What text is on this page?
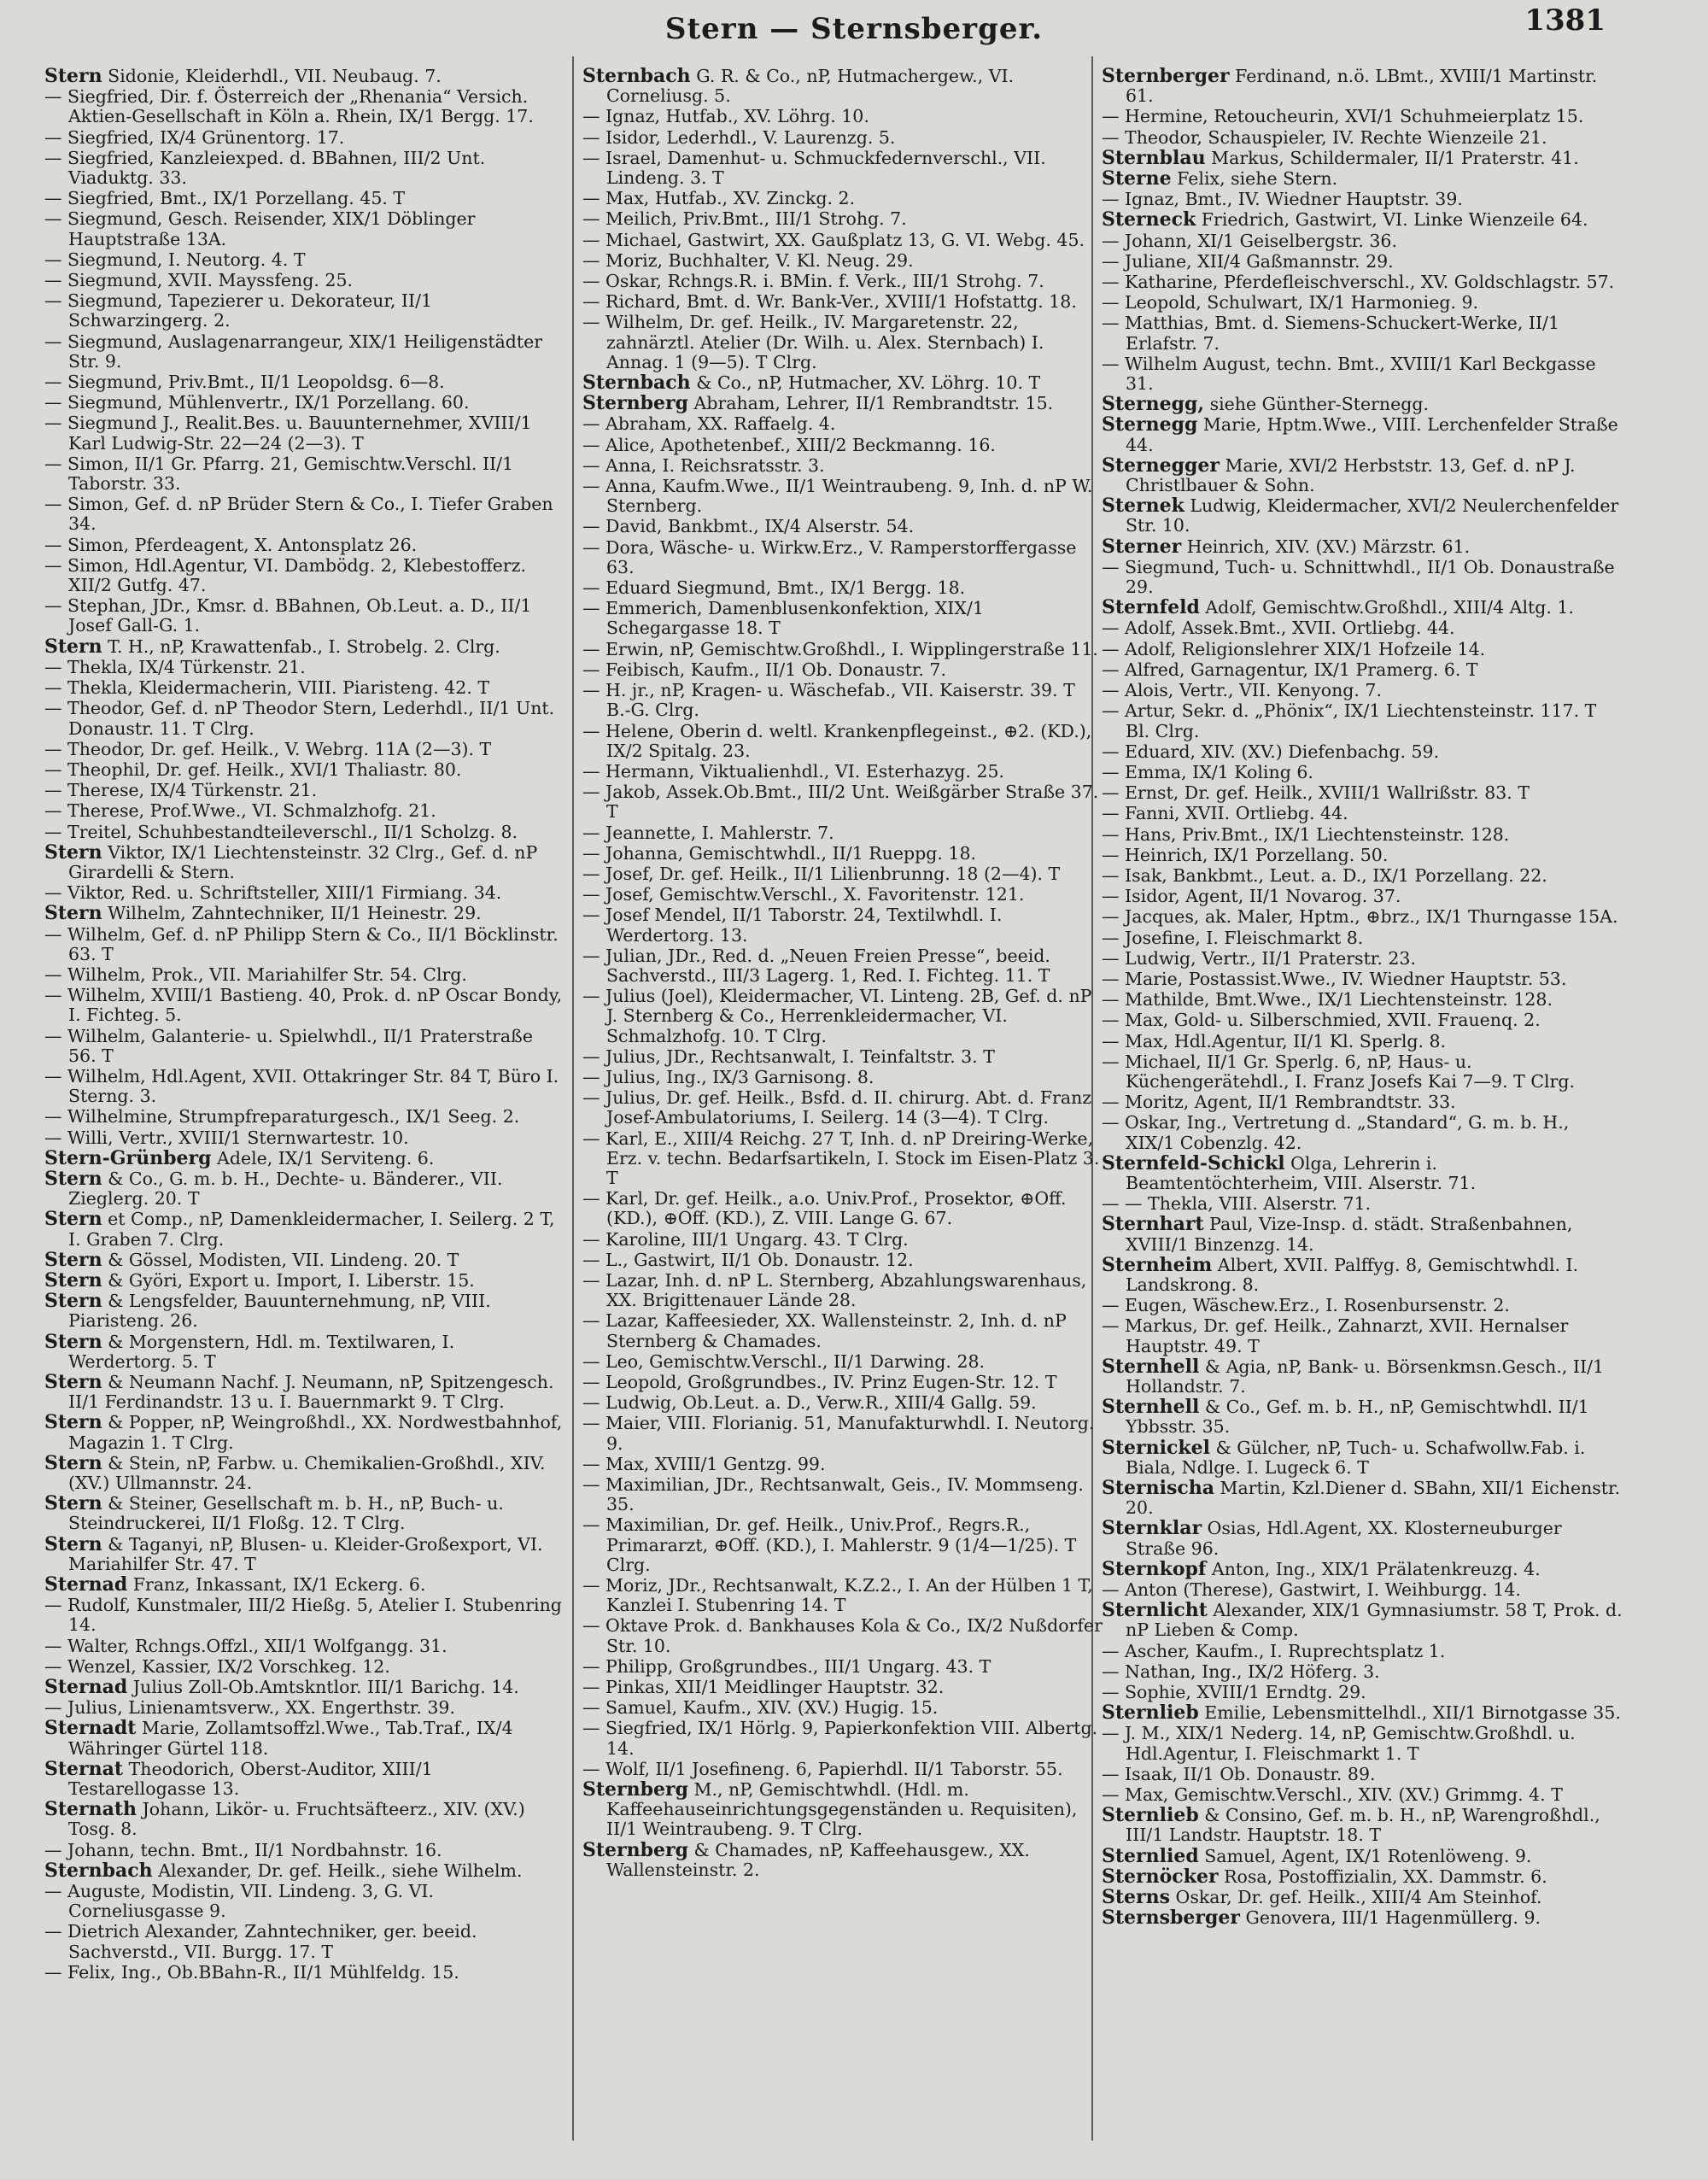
Stern — Sternsberger.	1381
Stern Sidonie, Kleiderhdl., VII. Neubaug. 7.
— Siegfried, Dir. f. Österreich der „Rhenania“ Versich. Aktien-Gesellschaft in Köln a. Rhein, IX/1 Bergg. 17.
— Siegfried, IX/4 Grünentorg. 17.
— Siegfried, Kanzleiexped. d. BBahnen, III/2 Unt. Viaduktg. 33.
— Siegfried, Bmt., IX/1 Porzellang. 45. T
— Siegmund, Gesch. Reisender, XIX/1 Döblinger Hauptstraße 13A.
— Siegmund, I. Neutorg. 4. T
— Siegmund, XVII. Mayssfeng. 25.
— Siegmund, Tapezierer u. Dekorateur, II/1 Schwarzingerg. 2.
— Siegmund, Auslagenarrangeur, XIX/1 Heiligenstädter Str. 9.
— Siegmund, Priv.Bmt., II/1 Leopoldsg. 6—8.
— Siegmund, Mühlenvertr., IX/1 Porzellang. 60.
— Siegmund J., Realit.Bes. u. Bauunternehmer, XVIII/1 Karl Ludwig-Str. 22—24 (2—3). T
— Simon, II/1 Gr. Pfarrg. 21, Gemischtw.Verschl. II/1 Taborstr. 33.
— Simon, Gef. d. nP Brüder Stern & Co., I. Tiefer Graben 34.
— Simon, Pferdeagent, X. Antonsplatz 26.
— Simon, Hdl.Agentur, VI. Dambödg. 2, Klebestofferz. XII/2 Gutfg. 47.
— Stephan, JDr., Kmsr. d. BBahnen, Ob.Leut. a. D., II/1 Josef Gall-G. 1.
Stern T. H., nP, Krawattenfab., I. Strobelg. 2. Clrg.
— Thekla, IX/4 Türkenstr. 21.
— Thekla, Kleidermacherin, VIII. Piaristeng. 42. T
— Theodor, Gef. d. nP Theodor Stern, Lederhdl., II/1 Unt. Donaustr. 11. T Clrg.
— Theodor, Dr. gef. Heilk., V. Webrg. 11A (2—3). T
— Theophil, Dr. gef. Heilk., XVI/1 Thaliastr. 80.
— Therese, IX/4 Türkenstr. 21.
— Therese, Prof.Wwe., VI. Schmalzhofg. 21.
— Treitel, Schuhbestandteileverschl., II/1 Scholzg. 8.
Stern Viktor, IX/1 Liechtensteinstr. 32 Clrg., Gef. d. nP Girardelli & Stern.
— Viktor, Red. u. Schriftsteller, XIII/1 Firmiang. 34.
Stern Wilhelm, Zahntechniker, II/1 Heinestr. 29.
— Wilhelm, Gef. d. nP Philipp Stern & Co., II/1 Böcklinstr. 63. T
— Wilhelm, Prok., VII. Mariahilfer Str. 54. Clrg.
— Wilhelm, XVIII/1 Bastieng. 40, Prok. d. nP Oscar Bondy, I. Fichteg. 5.
— Wilhelm, Galanterie- u. Spielwhdl., II/1 Praterstraße 56. T
— Wilhelm, Hdl.Agent, XVII. Ottakringer Str. 84 T, Büro I. Sterng. 3.
— Wilhelmine, Strumpfreparaturgesch., IX/1 Seeg. 2.
— Willi, Vertr., XVIII/1 Sternwartestr. 10.
Stern-Grünberg Adele, IX/1 Serviteng. 6.
Stern & Co., G. m. b. H., Dechte- u. Bänderer., VII. Zieglerg. 20. T
Stern et Comp., nP, Damenkleidermacher, I. Seilerg. 2 T, I. Graben 7. Clrg.
Stern & Gössel, Modisten, VII. Lindeng. 20. T
Stern & Györi, Export u. Import, I. Liberstr. 15.
Stern & Lengsfelder, Bauunternehmung, nP, VIII. Piaristeng. 26.
Stern & Morgenstern, Hdl. m. Textilwaren, I. Werdertorg. 5. T
Stern & Neumann Nachf. J. Neumann, nP, Spitzengesch. II/1 Ferdinandstr. 13 u. I. Bauernmarkt 9. T Clrg.
Stern & Popper, nP, Weingroßhdl., XX. Nordwestbahnhof, Magazin 1. T Clrg.
Stern & Stein, nP, Farbw. u. Chemikalien-Großhdl., XIV. (XV.) Ullmannstr. 24.
Stern & Steiner, Gesellschaft m. b. H., nP, Buch- u. Steindruckerei, II/1 Floßg. 12. T Clrg.
Stern & Taganyi, nP, Blusen- u. Kleider-Großexport, VI. Mariahilfer Str. 47. T
Sternad Franz, Inkassant, IX/1 Eckerg. 6.
— Rudolf, Kunstmaler, III/2 Hießg. 5, Atelier I. Stubenring 14.
— Walter, Rchngs.Offzl., XII/1 Wolfgangg. 31.
— Wenzel, Kassier, IX/2 Vorschkeg. 12.
Sternad Julius Zoll-Ob.Amtskntlor. III/1 Barichg. 14.
— Julius, Linienamtsverw., XX. Engerthstr. 39.
Sternadt Marie, Zollamtsoffzl.Wwe., Tab.Traf., IX/4 Währinger Gürtel 118.
Sternat Theodorich, Oberst-Auditor, XIII/1 Testarellogasse 13.
Sternath Johann, Likör- u. Fruchtsäfteerz., XIV. (XV.) Tosg. 8.
— Johann, techn. Bmt., II/1 Nordbahnstr. 16.
Sternbach Alexander, Dr. gef. Heilk., siehe Wilhelm.
— Auguste, Modistin, VII. Lindeng. 3, G. VI. Corneliusgasse 9.
— Dietrich Alexander, Zahntechniker, ger. beeid. Sachverstd., VII. Burgg. 17. T
— Felix, Ing., Ob.BBahn-R., II/1 Mühlfeldg. 15.
Sternbach G. R. & Co., nP, Hutmachergew., VI. Corneliusg. 5.
— Ignaz, Hutfab., XV. Löhrg. 10.
— Isidor, Lederhdl., V. Laurenzg. 5.
— Israel, Damenhut- u. Schmuckfedernverschl., VII. Lindeng. 3. T
— Max, Hutfab., XV. Zinckg. 2.
— Meilich, Priv.Bmt., III/1 Strohg. 7.
— Michael, Gastwirt, XX. Gaußplatz 13, G. VI. Webg. 45.
— Moriz, Buchhalter, V. Kl. Neug. 29.
— Oskar, Rchngs.R. i. BMin. f. Verk., III/1 Strohg. 7.
— Richard, Bmt. d. Wr. Bank-Ver., XVIII/1 Hofstattg. 18.
— Wilhelm, Dr. gef. Heilk., IV. Margaretenstr. 22, zahnärztl. Atelier (Dr. Wilh. u. Alex. Sternbach) I. Annag. 1 (9—5). T Clrg.
Sternbach & Co., nP, Hutmacher, XV. Löhrg. 10. T
Sternberg Abraham, Lehrer, II/1 Rembrandtstr. 15.
— Abraham, XX. Raffaelg. 4.
— Alice, Apothetenbef., XIII/2 Beckmanng. 16.
— Anna, I. Reichsratsstr. 3.
— Anna, Kaufm.Wwe., II/1 Weintraubeng. 9, Inh. d. nP W. Sternberg.
— David, Bankbmt., IX/4 Alserstr. 54.
— Dora, Wäsche- u. Wirkw.Erz., V. Ramperstorffergasse 63.
— Eduard Siegmund, Bmt., IX/1 Bergg. 18.
— Emmerich, Damenblusenkonfektion, XIX/1 Schegargasse 18. T
— Erwin, nP, Gemischtw.Großhdl., I. Wipplingerstraße 11.
— Feibisch, Kaufm., II/1 Ob. Donaustr. 7.
— H. jr., nP, Kragen- u. Wäschefab., VII. Kaiserstr. 39. T B.-G. Clrg.
— Helene, Oberin d. weltl. Krankenpflegeinst., ⊕2. (KD.), IX/2 Spitalg. 23.
— Hermann, Viktualienhdl., VI. Esterhazyg. 25.
— Jakob, Assek.Ob.Bmt., III/2 Unt. Weißgärber Straße 37. T
— Jeannette, I. Mahlerstr. 7.
— Johanna, Gemischtwhdl., II/1 Rueppg. 18.
— Josef, Dr. gef. Heilk., II/1 Lilienbrunng. 18 (2—4). T
— Josef, Gemischtw.Verschl., X. Favoritenstr. 121.
— Josef Mendel, II/1 Taborstr. 24, Textilwhdl. I. Werdertorg. 13.
— Julian, JDr., Red. d. „Neuen Freien Presse“, beeid. Sachverstd., III/3 Lagerg. 1, Red. I. Fichteg. 11. T
— Julius (Joel), Kleidermacher, VI. Linteng. 2B, Gef. d. nP J. Sternberg & Co., Herrenkleidermacher, VI. Schmalzhofg. 10. T Clrg.
— Julius, JDr., Rechtsanwalt, I. Teinfaltstr. 3. T
— Julius, Ing., IX/3 Garnisong. 8.
— Julius, Dr. gef. Heilk., Bsfd. d. II. chirurg. Abt. d. Franz Josef-Ambulatoriums, I. Seilerg. 14 (3—4). T Clrg.
— Karl, E., XIII/4 Reichg. 27 T, Inh. d. nP Dreiring-Werke, Erz. v. techn. Bedarfsartikeln, I. Stock im Eisen-Platz 3. T
— Karl, Dr. gef. Heilk., a.o. Univ.Prof., Prosektor, ⊕Off. (KD.), ⊕Off. (KD.), Z. VIII. Lange G. 67.
— Karoline, III/1 Ungarg. 43. T Clrg.
— L., Gastwirt, II/1 Ob. Donaustr. 12.
— Lazar, Inh. d. nP L. Sternberg, Abzahlungswarenhaus, XX. Brigittenauer Lände 28.
— Lazar, Kaffeesieder, XX. Wallensteinstr. 2, Inh. d. nP Sternberg & Chamades.
— Leo, Gemischtw.Verschl., II/1 Darwing. 28.
— Leopold, Großgrundbes., IV. Prinz Eugen-Str. 12. T
— Ludwig, Ob.Leut. a. D., Verw.R., XIII/4 Gallg. 59.
— Maier, VIII. Florianig. 51, Manufakturwhdl. I. Neutorg. 9.
— Max, XVIII/1 Gentzg. 99.
— Maximilian, JDr., Rechtsanwalt, Geis., IV. Mommseng. 35.
— Maximilian, Dr. gef. Heilk., Univ.Prof., Regrs.R., Primararzt, ⊕Off. (KD.), I. Mahlerstr. 9 (1/4—1/25). T Clrg.
— Moriz, JDr., Rechtsanwalt, K.Z.2., I. An der Hülben 1 T, Kanzlei I. Stubenring 14. T
— Oktave Prok. d. Bankhauses Kola & Co., IX/2 Nußdorfer Str. 10.
— Philipp, Großgrundbes., III/1 Ungarg. 43. T
— Pinkas, XII/1 Meidlinger Hauptstr. 32.
— Samuel, Kaufm., XIV. (XV.) Hugig. 15.
— Siegfried, IX/1 Hörlg. 9, Papierkonfektion VIII. Albertg. 14.
— Wolf, II/1 Josefineng. 6, Papierhdl. II/1 Taborstr. 55.
Sternberg M., nP, Gemischtwhdl. (Hdl. m. Kaffeehauseinrichtungsgegenständen u. Requisiten), II/1 Weintraubeng. 9. T Clrg.
Sternberg & Chamades, nP, Kaffeehausgew., XX. Wallensteinstr. 2.
Sternberger Ferdinand, n.ö. LBmt., XVIII/1 Martinstr. 61.
— Hermine, Retoucheurin, XVI/1 Schuhmeierplatz 15.
— Theodor, Schauspieler, IV. Rechte Wienzeile 21.
Sternblau Markus, Schildermaler, II/1 Praterstr. 41.
Sterne Felix, siehe Stern.
— Ignaz, Bmt., IV. Wiedner Hauptstr. 39.
Sterneck Friedrich, Gastwirt, VI. Linke Wienzeile 64.
— Johann, XI/1 Geiselbergstr. 36.
— Juliane, XII/4 Gaßmannstr. 29.
— Katharine, Pferdefleischverschl., XV. Goldschlagstr. 57.
— Leopold, Schulwart, IX/1 Harmonieg. 9.
— Matthias, Bmt. d. Siemens-Schuckert-Werke, II/1 Erlafstr. 7.
— Wilhelm August, techn. Bmt., XVIII/1 Karl Beckgasse 31.
Sternegg, siehe Günther-Sternegg.
Sternegg Marie, Hptm.Wwe., VIII. Lerchenfelder Straße 44.
Sternegger Marie, XVI/2 Herbststr. 13, Gef. d. nP J. Christlbauer & Sohn.
Sternek Ludwig, Kleidermacher, XVI/2 Neulerchenfelder Str. 10.
Sterner Heinrich, XIV. (XV.) Märzstr. 61.
— Siegmund, Tuch- u. Schnittwhdl., II/1 Ob. Donaustraße 29.
Sternfeld Adolf, Gemischtw.Großhdl., XIII/4 Altg. 1.
— Adolf, Assek.Bmt., XVII. Ortliebg. 44.
— Adolf, Religionslehrer XIX/1 Hofzeile 14.
— Alfred, Garnagentur, IX/1 Pramerg. 6. T
— Alois, Vertr., VII. Kenyong. 7.
— Artur, Sekr. d. „Phönix“, IX/1 Liechtensteinstr. 117. T Bl. Clrg.
— Eduard, XIV. (XV.) Diefenbachg. 59.
— Emma, IX/1 Koling 6.
— Ernst, Dr. gef. Heilk., XVIII/1 Wallrißstr. 83. T
— Fanni, XVII. Ortliebg. 44.
— Hans, Priv.Bmt., IX/1 Liechtensteinstr. 128.
— Heinrich, IX/1 Porzellang. 50.
— Isak, Bankbmt., Leut. a. D., IX/1 Porzellang. 22.
— Isidor, Agent, II/1 Novarog. 37.
— Jacques, ak. Maler, Hptm., ⊕brz., IX/1 Thurngasse 15A.
— Josefine, I. Fleischmarkt 8.
— Ludwig, Vertr., II/1 Praterstr. 23.
— Marie, Postassist.Wwe., IV. Wiedner Hauptstr. 53.
— Mathilde, Bmt.Wwe., IX/1 Liechtensteinstr. 128.
— Max, Gold- u. Silberschmied, XVII. Frauenq. 2.
— Max, Hdl.Agentur, II/1 Kl. Sperlg. 8.
— Michael, II/1 Gr. Sperlg. 6, nP, Haus- u. Küchengerätehdl., I. Franz Josefs Kai 7—9. T Clrg.
— Moritz, Agent, II/1 Rembrandtstr. 33.
— Oskar, Ing., Vertretung d. „Standard“, G. m. b. H., XIX/1 Cobenzlg. 42.
Sternfeld-Schickl Olga, Lehrerin i. Beamtentöchterheim, VIII. Alserstr. 71.
— — Thekla, VIII. Alserstr. 71.
Sternhart Paul, Vize-Insp. d. städt. Straßenbahnen, XVIII/1 Binzenzg. 14.
Sternheim Albert, XVII. Palffyg. 8, Gemischtwhdl. I. Landskrong. 8.
— Eugen, Wäschew.Erz., I. Rosenbursenstr. 2.
— Markus, Dr. gef. Heilk., Zahnarzt, XVII. Hernalser Hauptstr. 49. T
Sternhell & Agia, nP, Bank- u. Börsenkmsn.Gesch., II/1 Hollandstr. 7.
Sternhell & Co., Gef. m. b. H., nP, Gemischtwhdl. II/1 Ybbsstr. 35.
Sternickel & Gülcher, nP, Tuch- u. Schafwollw.Fab. i. Biala, Ndlge. I. Lugeck 6. T
Sternischa Martin, Kzl.Diener d. SBahn, XII/1 Eichenstr. 20.
Sternklar Osias, Hdl.Agent, XX. Klosterneuburger Straße 96.
Sternkopf Anton, Ing., XIX/1 Prälatenkreuzg. 4.
— Anton (Therese), Gastwirt, I. Weihburgg. 14.
Sternlicht Alexander, XIX/1 Gymnasiumstr. 58 T, Prok. d. nP Lieben & Comp.
— Ascher, Kaufm., I. Ruprechtsplatz 1.
— Nathan, Ing., IX/2 Höferg. 3.
— Sophie, XVIII/1 Erndtg. 29.
Sternlieb Emilie, Lebensmittelhdl., XII/1 Birnotgasse 35.
— J. M., XIX/1 Nederg. 14, nP, Gemischtw.Großhdl. u. Hdl.Agentur, I. Fleischmarkt 1. T
— Isaak, II/1 Ob. Donaustr. 89.
— Max, Gemischtw.Verschl., XIV. (XV.) Grimmg. 4. T
Sternlieb & Consino, Gef. m. b. H., nP, Warengroßhdl., III/1 Landstr. Hauptstr. 18. T
Sternlied Samuel, Agent, IX/1 Rotenlöweng. 9.
Sternöcker Rosa, Postoffizialin, XX. Dammstr. 6.
Sterns Oskar, Dr. gef. Heilk., XIII/4 Am Steinhof.
Sternsberger Genovera, III/1 Hagenmüllerg. 9.
